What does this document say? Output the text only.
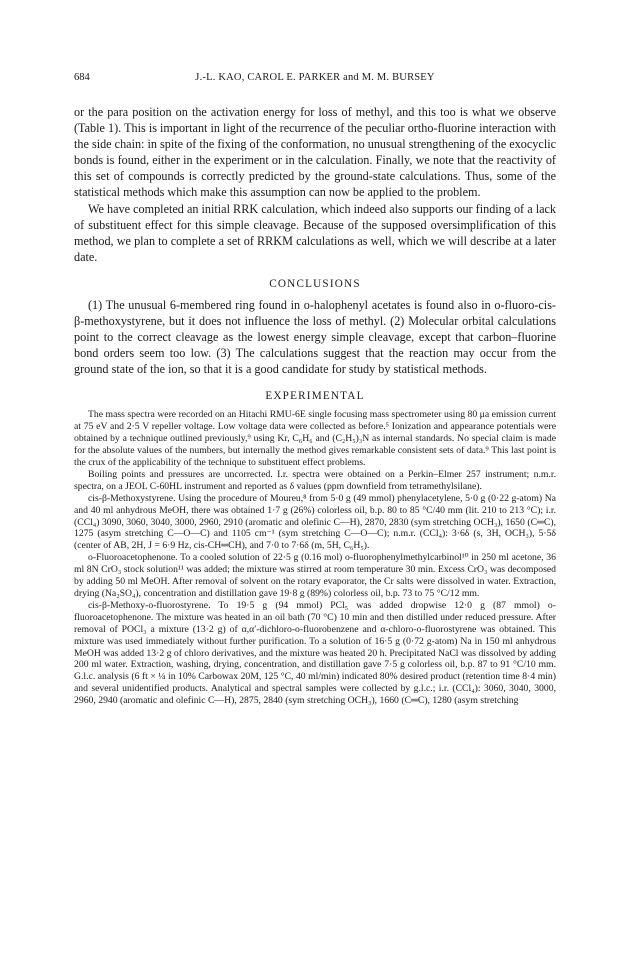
684	J.-L. KAO, CAROL E. PARKER and M. M. BURSEY

or the para position on the activation energy for loss of methyl, and this too is what we observe (Table 1). This is important in light of the recurrence of the peculiar ortho-fluorine interaction with the side chain: in spite of the fixing of the conformation, no unusual strengthening of the exocyclic bonds is found, either in the experiment or in the calculation. Finally, we note that the reactivity of this set of compounds is correctly predicted by the ground-state calculations. Thus, some of the statistical methods which make this assumption can now be applied to the problem.

We have completed an initial RRK calculation, which indeed also supports our finding of a lack of substituent effect for this simple cleavage. Because of the supposed oversimplification of this method, we plan to complete a set of RRKM calculations as well, which we will describe at a later date.

CONCLUSIONS

(1) The unusual 6-membered ring found in o-halophenyl acetates is found also in o-fluoro-cis-β-methoxystyrene, but it does not influence the loss of methyl. (2) Molecular orbital calculations point to the correct cleavage as the lowest energy simple cleavage, except that carbon–fluorine bond orders seem too low. (3) The calculations suggest that the reaction may occur from the ground state of the ion, so that it is a good candidate for study by statistical methods.

EXPERIMENTAL

The mass spectra were recorded on an Hitachi RMU-6E single focusing mass spectrometer using 80 μa emission current at 75 eV and 2·5 V repeller voltage. Low voltage data were collected as before.⁵ Ionization and appearance potentials were obtained by a technique outlined previously,⁹ using Kr, C₆H₆ and (C₂H₅)₃N as internal standards. No special claim is made for the absolute values of the numbers, but internally the method gives remarkable consistent sets of data.⁹ This last point is the crux of the applicability of the technique to substituent effect problems.

Boiling points and pressures are uncorrected. I.r. spectra were obtained on a Perkin–Elmer 257 instrument; n.m.r. spectra, on a JEOL C-60HL instrument and reported as δ values (ppm downfield from tetramethylsilane).

cis-β-Methoxystyrene. Using the procedure of Moureu,⁸ from 5·0 g (49 mmol) phenylacetylene, 5·0 g (0·22 g-atom) Na and 40 ml anhydrous MeOH, there was obtained 1·7 g (26%) colorless oil, b.p. 80 to 85 °C/40 mm (lit. 210 to 213 °C); i.r. (CCl₄) 3090, 3060, 3040, 3000, 2960, 2910 (aromatic and olefinic C—H), 2870, 2830 (sym stretching OCH₃), 1650 (C═C), 1275 (asym stretching C—O—C) and 1105 cm⁻¹ (sym stretching C—O—C); n.m.r. (CCl₄): 3·6δ (s, 3H, OCH₃), 5·5δ (center of AB, 2H, J = 6·9 Hz, cis-CH═CH), and 7·0 to 7·6δ (m, 5H, C₆H₅).

o-Fluoroacetophenone. To a cooled solution of 22·5 g (0.16 mol) o-fluorophenylmethylcarbinol¹⁰ in 250 ml acetone, 36 ml 8N CrO₃ stock solution¹¹ was added; the mixture was stirred at room temperature 30 min. Excess CrO₃ was decomposed by adding 50 ml MeOH. After removal of solvent on the rotary evaporator, the Cr salts were dissolved in water. Extraction, drying (Na₂SO₄), concentration and distillation gave 19·8 g (89%) colorless oil, b.p. 73 to 75 °C/12 mm.

cis-β-Methoxy-o-fluorostyrene. To 19·5 g (94 mmol) PCl₅ was added dropwise 12·0 g (87 mmol) o-fluoroacetophenone. The mixture was heated in an oil bath (70 °C) 10 min and then distilled under reduced pressure. After removal of POCl₃ a mixture (13·2 g) of α,α′-dichloro-o-fluorobenzene and α-chloro-o-fluorostyrene was obtained. This mixture was used immediately without further purification. To a solution of 16·5 g (0·72 g-atom) Na in 150 ml anhydrous MeOH was added 13·2 g of chloro derivatives, and the mixture was heated 20 h. Precipitated NaCl was dissolved by adding 200 ml water. Extraction, washing, drying, concentration, and distillation gave 7·5 g colorless oil, b.p. 87 to 91 °C/10 mm. G.l.c. analysis (6 ft × ¼ in 10% Carbowax 20M, 125 °C, 40 ml/min) indicated 80% desired product (retention time 8·4 min) and several unidentified products. Analytical and spectral samples were collected by g.l.c.; i.r. (CCl₄): 3060, 3040, 3000, 2960, 2940 (aromatic and olefinic C—H), 2875, 2840 (sym stretching OCH₃), 1660 (C═C), 1280 (asym stretching
